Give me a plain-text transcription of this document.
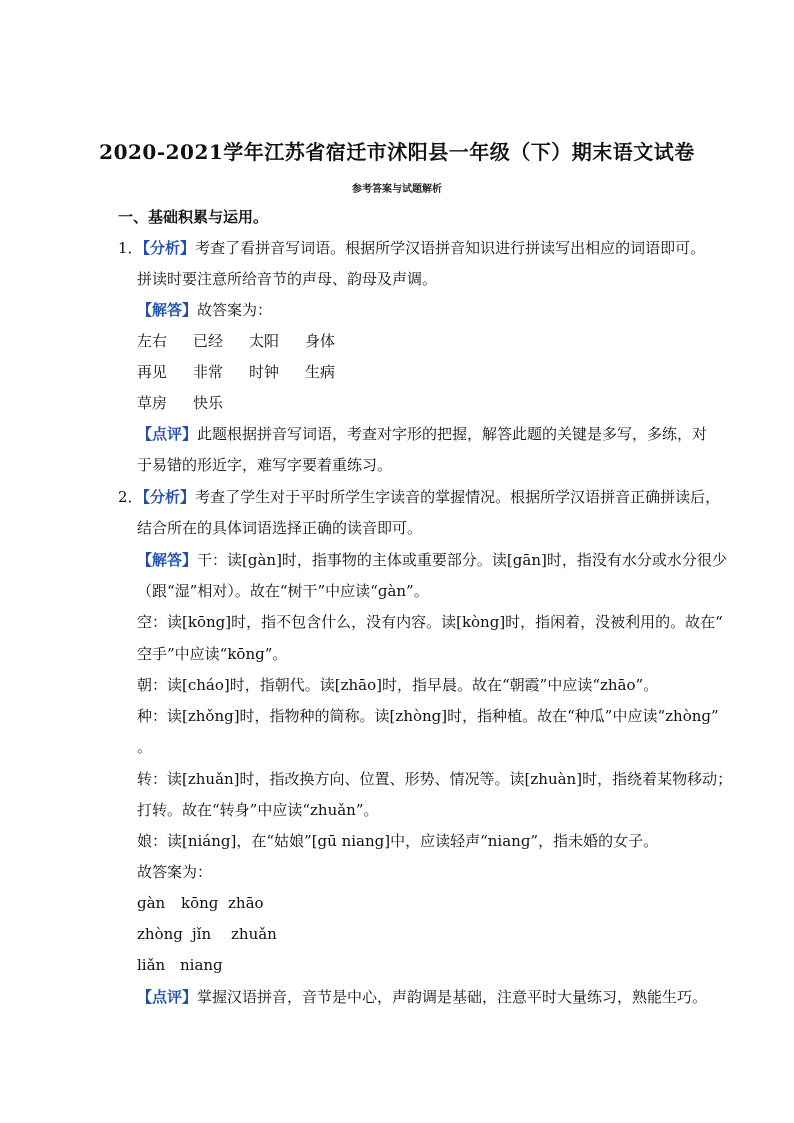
2020-2021学年江苏省宿迁市沭阳县一年级（下）期末语文试卷
参考答案与试题解析
一、基础积累与运用。
1．【分析】考查了看拼音写词语。根据所学汉语拼音知识进行拼读写出相应的词语即可。
拼读时要注意所给音节的声母、韵母及声调。
【解答】故答案为：
左右 已经 太阳 身体
再见 非常 时钟 生病
草房 快乐
【点评】此题根据拼音写词语，考查对字形的把握，解答此题的关键是多写，多练，对
于易错的形近字，难写字要着重练习。
2．【分析】考查了学生对于平时所学生字读音的掌握情况。根据所学汉语拼音正确拼读后，
结合所在的具体词语选择正确的读音即可。
【解答】干：读[gàn]时，指事物的主体或重要部分。读[gān]时，指没有水分或水分很少
（跟“湿”相对）。故在“树干”中应读“ɡàn”。
空：读[kōng]时，指不包含什么，没有内容。读[kòng]时，指闲着，没被利用的。故在“
空手”中应读“kōnɡ”。
朝：读[cháo]时，指朝代。读[zhāo]时，指早晨。故在“朝霞”中应读“zhāo”。
种：读[zhǒng]时，指物种的简称。读[zhòng]时，指种植。故在“种瓜”中应读“zhònɡ”
。
转：读[zhuǎn]时，指改换方向、位置、形势、情况等。读[zhuàn]时，指绕着某物移动；
打转。故在“转身”中应读“zhuǎn”。
娘：读[niáng]，在“姑娘”[gū niang]中，应读轻声“nianɡ”，指未婚的女子。
故答案为：
ɡàn kōnɡ zhāo
zhònɡ jǐn zhuǎn
liǎn nianɡ
【点评】掌握汉语拼音，音节是中心，声韵调是基础，注意平时大量练习，熟能生巧。
